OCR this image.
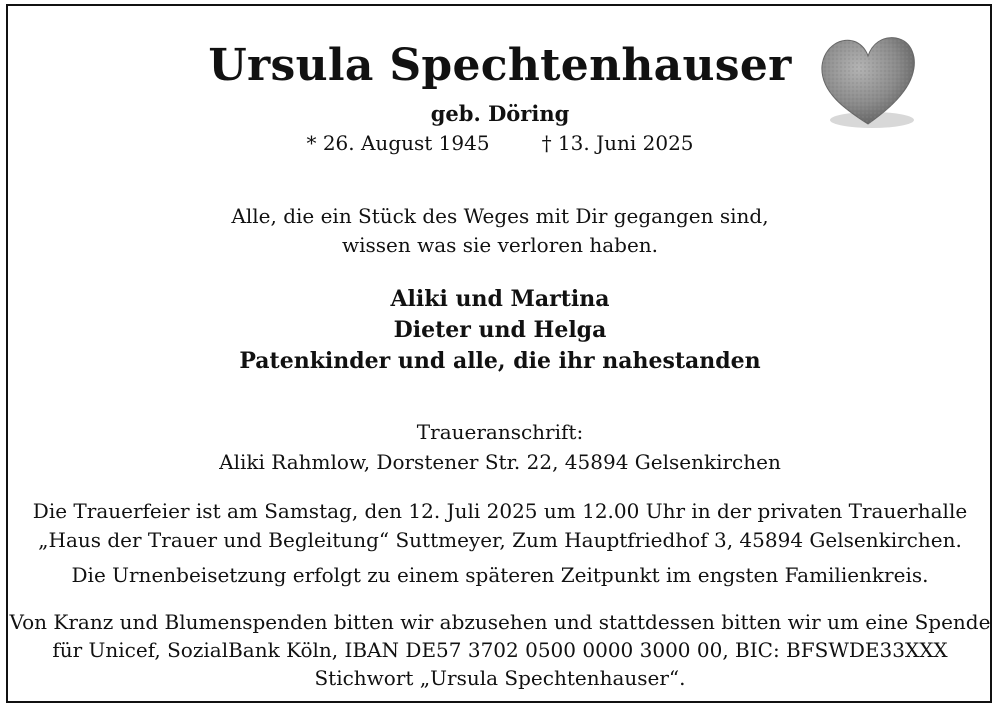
Ursula Spechtenhauser
geb. Döring
* 26. August 1945	† 13. Juni 2025
Alle, die ein Stück des Weges mit Dir gegangen sind,
wissen was sie verloren haben.
Aliki und Martina
Dieter und Helga
Patenkinder und alle, die ihr nahestanden
Traueranschrift:
Aliki Rahmlow, Dorstener Str. 22, 45894 Gelsenkirchen
Die Trauerfeier ist am Samstag, den 12. Juli 2025 um 12.00 Uhr in der privaten Trauerhalle
„Haus der Trauer und Begleitung“ Suttmeyer, Zum Hauptfriedhof 3, 45894 Gelsenkirchen.
Die Urnenbeisetzung erfolgt zu einem späteren Zeitpunkt im engsten Familienkreis.
Von Kranz und Blumenspenden bitten wir abzusehen und stattdessen bitten wir um eine Spende
für Unicef, SozialBank Köln, IBAN DE57 3702 0500 0000 3000 00, BIC: BFSWDE33XXX
Stichwort „Ursula Spechtenhauser“.
